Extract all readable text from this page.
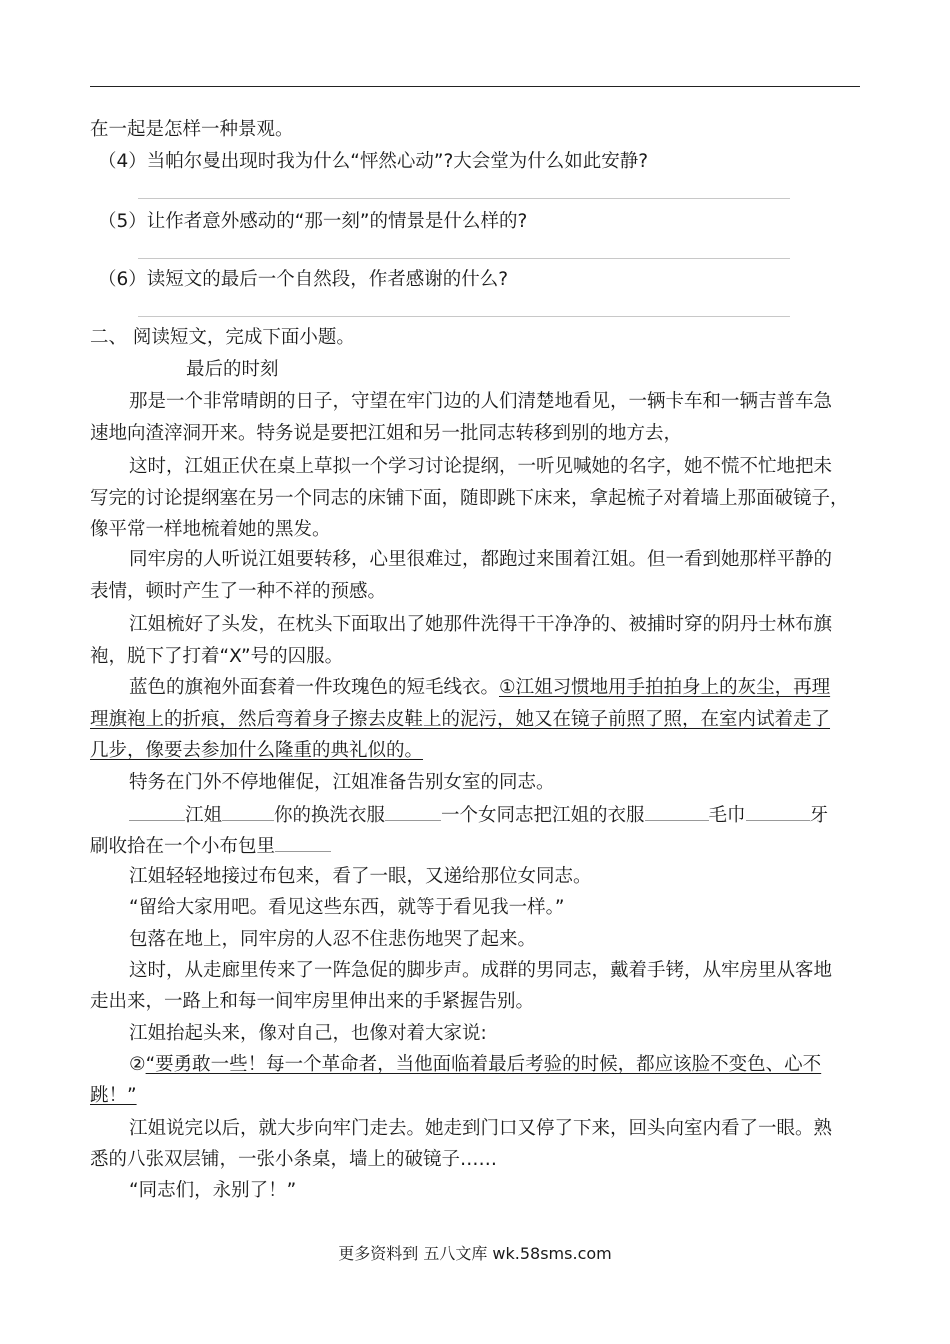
在一起是怎样一种景观。
（4）当帕尔曼出现时我为什么“怦然心动”?大会堂为什么如此安静?
（5）让作者意外感动的“那一刻”的情景是什么样的?
（6）读短文的最后一个自然段，作者感谢的什么?
二、 阅读短文，完成下面小题。
最后的时刻
那是一个非常晴朗的日子，守望在牢门边的人们清楚地看见，一辆卡车和一辆吉普车急
速地向渣滓洞开来。特务说是要把江姐和另一批同志转移到别的地方去，
这时，江姐正伏在桌上草拟一个学习讨论提纲，一听见喊她的名字，她不慌不忙地把未
写完的讨论提纲塞在另一个同志的床铺下面，随即跳下床来，拿起梳子对着墙上那面破镜子，
像平常一样地梳着她的黑发。
同牢房的人听说江姐要转移，心里很难过，都跑过来围着江姐。但一看到她那样平静的
表情，顿时产生了一种不祥的预感。
江姐梳好了头发，在枕头下面取出了她那件洗得干干净净的、被捕时穿的阴丹士林布旗
袍，脱下了打着“X”号的囚服。
蓝色的旗袍外面套着一件玫瑰色的短毛线衣。①江姐习惯地用手拍拍身上的灰尘，再理
理旗袍上的折痕，然后弯着身子擦去皮鞋上的泥污，她又在镜子前照了照，在室内试着走了
几步，像要去参加什么隆重的典礼似的。
特务在门外不停地催促，江姐准备告别女室的同志。
江姐	你的换洗衣服	一个女同志把江姐的衣服	毛巾	牙
刷收拾在一个小布包里
江姐轻轻地接过布包来，看了一眼，又递给那位女同志。
“留给大家用吧。看见这些东西，就等于看见我一样。”
包落在地上，同牢房的人忍不住悲伤地哭了起来。
这时，从走廊里传来了一阵急促的脚步声。成群的男同志，戴着手铐，从牢房里从客地
走出来，一路上和每一间牢房里伸出来的手紧握告别。
江姐抬起头来，像对自己，也像对着大家说:
②“要勇敢一些！每一个革命者，当他面临着最后考验的时候，都应该脸不变色、心不
跳！”
江姐说完以后，就大步向牢门走去。她走到门口又停了下来，回头向室内看了一眼。熟
悉的八张双层铺，一张小条桌，墙上的破镜子……
“同志们，永别了！”
更多资料到 五八文库 wk.58sms.com
